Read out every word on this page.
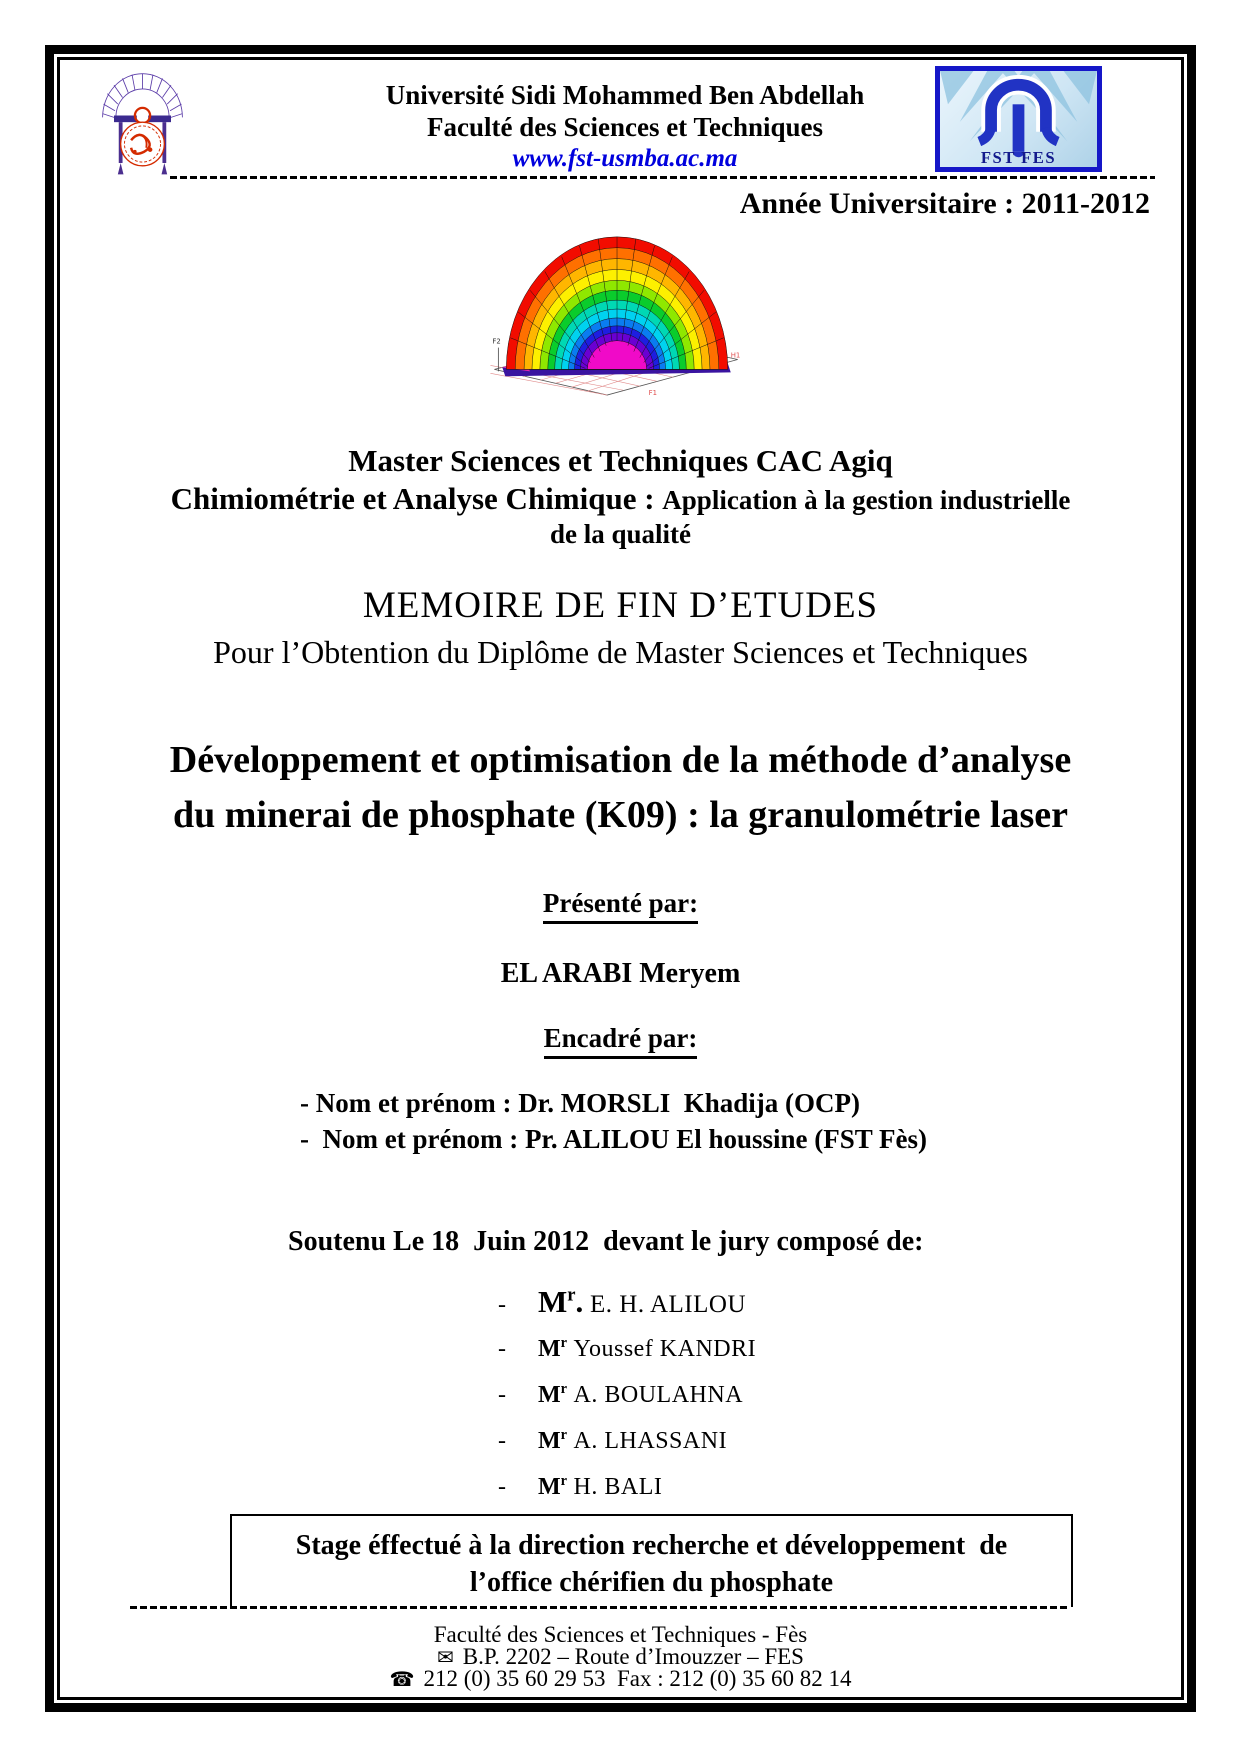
Université Sidi Mohammed Ben Abdellah
Faculté des Sciences et Techniques
www.fst-usmba.ac.ma	FST FES
Année Universitaire : 2011-2012
F2
F1
H1
Master Sciences et Techniques CAC Agiq
Chimiométrie et Analyse Chimique : Application à la gestion industrielle
de la qualité
MEMOIRE DE FIN D’ETUDES
Pour l’Obtention du Diplôme de Master Sciences et Techniques
Développement et optimisation de la méthode d’analyse
du minerai de phosphate (K09) : la granulométrie laser
Présenté par:
EL ARABI Meryem
Encadré par:
- Nom et prénom : Dr. MORSLI  Khadija (OCP)
-  Nom et prénom : Pr. ALILOU El houssine (FST Fès)
Soutenu Le 18  Juin 2012  devant le jury composé de:
-	$M^r$ . E. H. ALILOU
-	$M^r$ Youssef KANDRI
-	$M^r$ A. BOULAHNA
-	$M^r$ A. LHASSANI
-	$M^r$ H. BALI
Stage éffectué à la direction recherche et développement  de
l’office chérifien du phosphate
Faculté des Sciences et Techniques - Fès
✉ B.P. 2202 – Route d’Imouzzer – FES
☎ 212 (0) 35 60 29 53  Fax : 212 (0) 35 60 82 14
